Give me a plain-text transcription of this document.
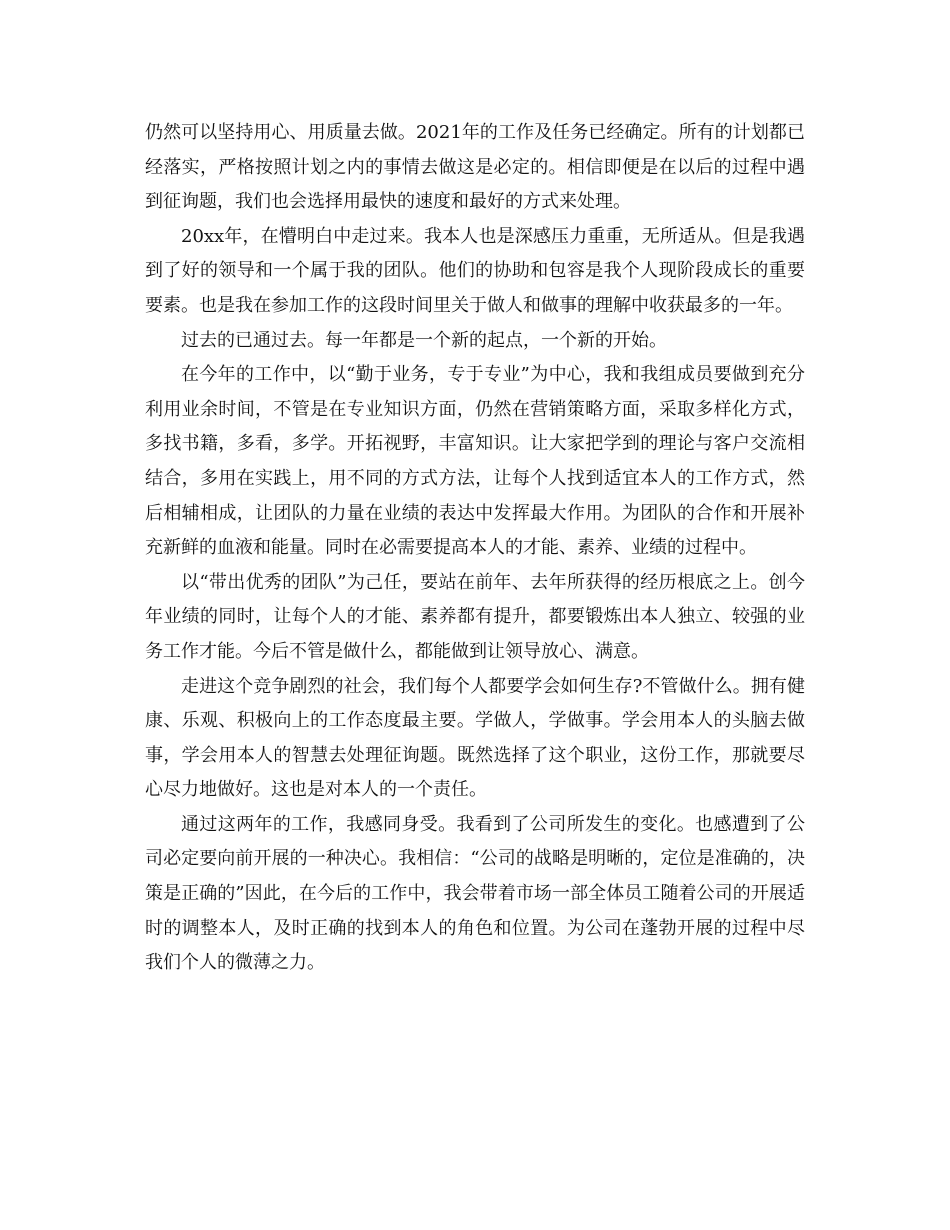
仍然可以坚持用心、用质量去做。2021年的工作及任务已经确定。所有的计划都已经落实，严格按照计划之内的事情去做这是必定的。相信即便是在以后的过程中遇到征询题，我们也会选择用最快的速度和最好的方式来处理。

20xx年，在懵明白中走过来。我本人也是深感压力重重，无所适从。但是我遇到了好的领导和一个属于我的团队。他们的协助和包容是我个人现阶段成长的重要要素。也是我在参加工作的这段时间里关于做人和做事的理解中收获最多的一年。

过去的已通过去。每一年都是一个新的起点，一个新的开始。

在今年的工作中，以“勤于业务，专于专业”为中心，我和我组成员要做到充分利用业余时间，不管是在专业知识方面，仍然在营销策略方面，采取多样化方式，多找书籍，多看，多学。开拓视野，丰富知识。让大家把学到的理论与客户交流相结合，多用在实践上，用不同的方式方法，让每个人找到适宜本人的工作方式，然后相辅相成，让团队的力量在业绩的表达中发挥最大作用。为团队的合作和开展补充新鲜的血液和能量。同时在必需要提高本人的才能、素养、业绩的过程中。

以“带出优秀的团队”为己任，要站在前年、去年所获得的经历根底之上。创今年业绩的同时，让每个人的才能、素养都有提升，都要锻炼出本人独立、较强的业务工作才能。今后不管是做什么，都能做到让领导放心、满意。

走进这个竞争剧烈的社会，我们每个人都要学会如何生存?不管做什么。拥有健康、乐观、积极向上的工作态度最主要。学做人，学做事。学会用本人的头脑去做事，学会用本人的智慧去处理征询题。既然选择了这个职业，这份工作，那就要尽心尽力地做好。这也是对本人的一个责任。

通过这两年的工作，我感同身受。我看到了公司所发生的变化。也感遭到了公司必定要向前开展的一种决心。我相信：“公司的战略是明晰的，定位是准确的，决策是正确的”因此，在今后的工作中，我会带着市场一部全体员工随着公司的开展适时的调整本人，及时正确的找到本人的角色和位置。为公司在蓬勃开展的过程中尽我们个人的微薄之力。
